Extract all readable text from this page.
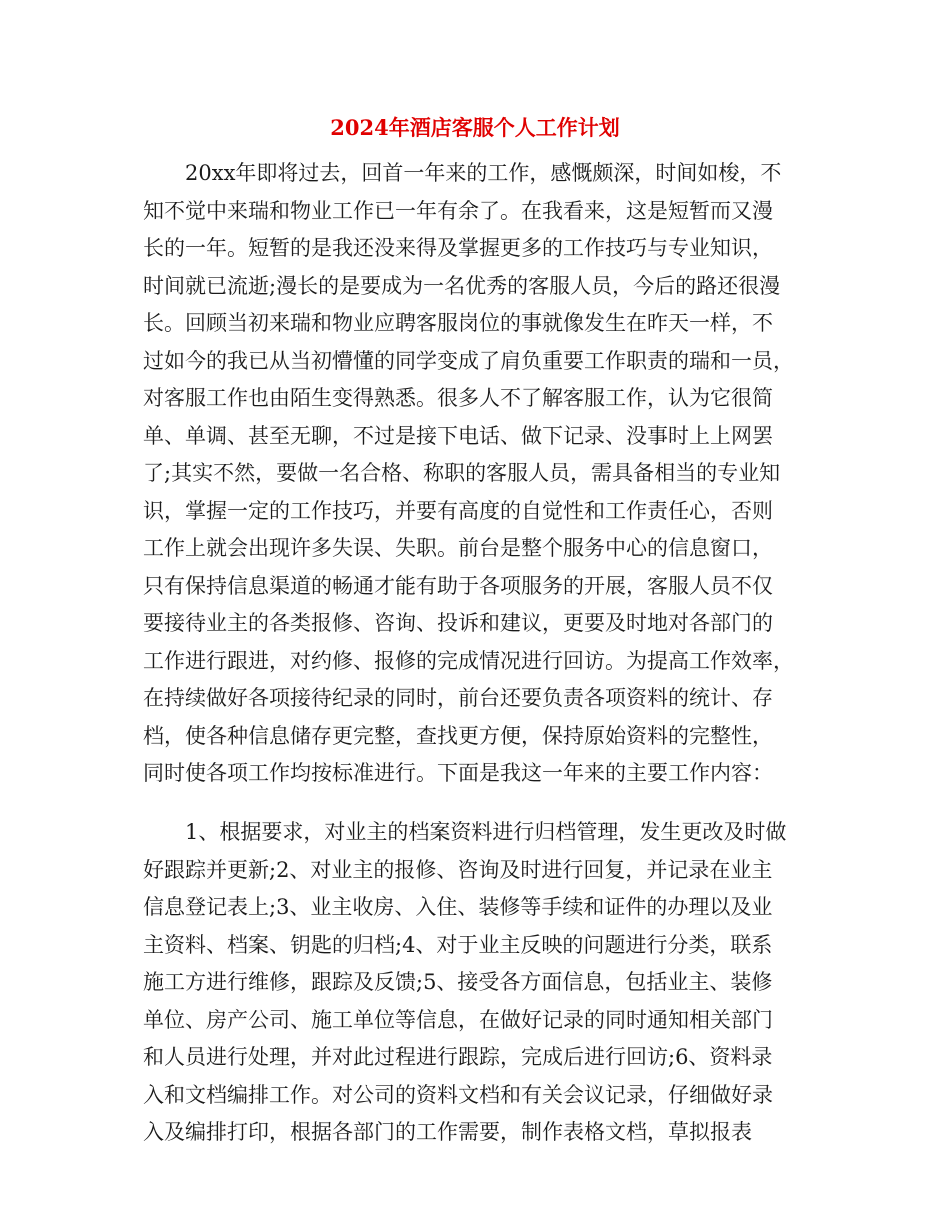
2024年酒店客服个人工作计划
20xx年即将过去，回首一年来的工作，感慨颇深，时间如梭，不
知不觉中来瑞和物业工作已一年有余了。在我看来，这是短暂而又漫
长的一年。短暂的是我还没来得及掌握更多的工作技巧与专业知识，
时间就已流逝;漫长的是要成为一名优秀的客服人员，今后的路还很漫
长。回顾当初来瑞和物业应聘客服岗位的事就像发生在昨天一样，不
过如今的我已从当初懵懂的同学变成了肩负重要工作职责的瑞和一员，
对客服工作也由陌生变得熟悉。很多人不了解客服工作，认为它很简
单、单调、甚至无聊，不过是接下电话、做下记录、没事时上上网罢
了;其实不然，要做一名合格、称职的客服人员，需具备相当的专业知
识，掌握一定的工作技巧，并要有高度的自觉性和工作责任心，否则
工作上就会出现许多失误、失职。前台是整个服务中心的信息窗口，
只有保持信息渠道的畅通才能有助于各项服务的开展，客服人员不仅
要接待业主的各类报修、咨询、投诉和建议，更要及时地对各部门的
工作进行跟进，对约修、报修的完成情况进行回访。为提高工作效率，
在持续做好各项接待纪录的同时，前台还要负责各项资料的统计、存
档，使各种信息储存更完整，查找更方便，保持原始资料的完整性，
同时使各项工作均按标准进行。下面是我这一年来的主要工作内容：
1、根据要求，对业主的档案资料进行归档管理，发生更改及时做
好跟踪并更新;2、对业主的报修、咨询及时进行回复，并记录在业主
信息登记表上;3、业主收房、入住、装修等手续和证件的办理以及业
主资料、档案、钥匙的归档;4、对于业主反映的问题进行分类，联系
施工方进行维修，跟踪及反馈;5、接受各方面信息，包括业主、装修
单位、房产公司、施工单位等信息，在做好记录的同时通知相关部门
和人员进行处理，并对此过程进行跟踪，完成后进行回访;6、资料录
入和文档编排工作。对公司的资料文档和有关会议记录，仔细做好录
入及编排打印，根据各部门的工作需要，制作表格文档，草拟报表
